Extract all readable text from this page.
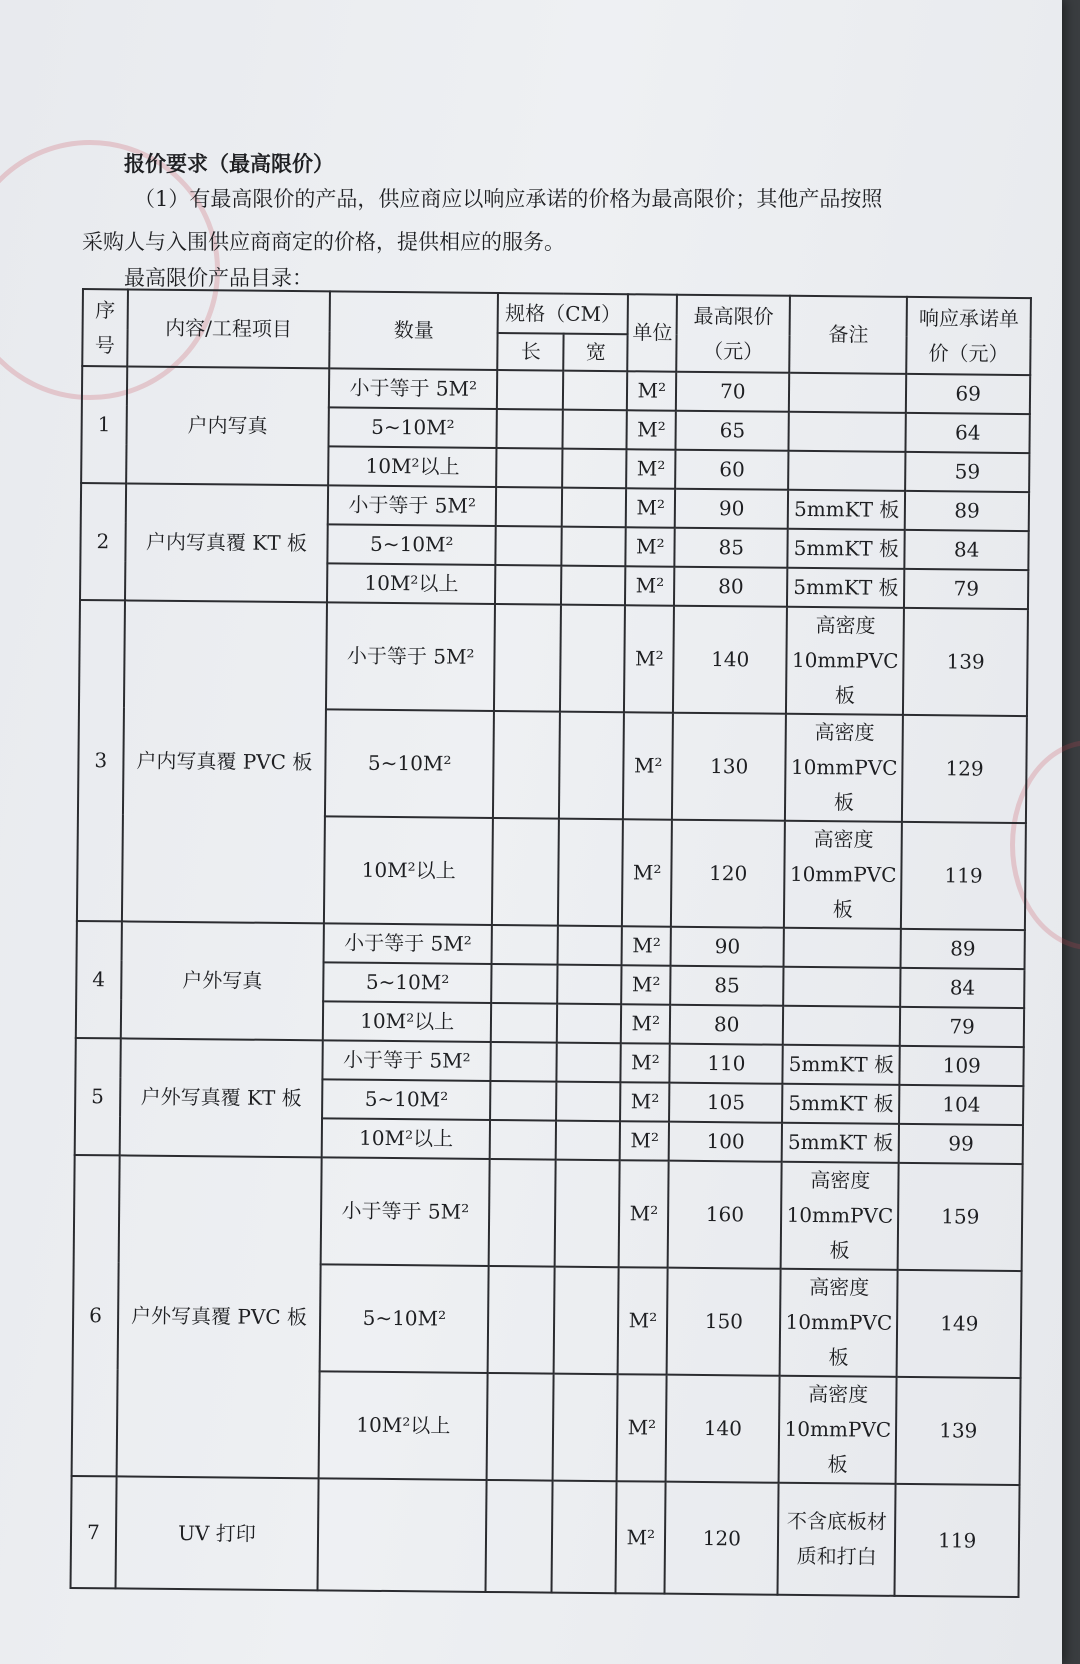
报价要求（最高限价）
（1）有最高限价的产品，供应商应以响应承诺的价格为最高限价；其他产品按照采购人与入围供应商商定的价格，提供相应的服务。
最高限价产品目录：
序号	内容/工程项目	数量	规格（CM）		单位	最高限价（元）	备注	响应承诺单价（元）
			长	宽				
1	户内写真	小于等于 5M²			M²	70		69
		5~10M²			M²	65		64
		10M²以上			M²	60		59
2	户内写真覆 KT 板	小于等于 5M²			M²	90	5mmKT 板	89
		5~10M²			M²	85	5mmKT 板	84
		10M²以上			M²	80	5mmKT 板	79
3	户内写真覆 PVC 板	小于等于 5M²			M²	140	高密度 10mmPVC 板	139
		5~10M²			M²	130	高密度 10mmPVC 板	129
		10M²以上			M²	120	高密度 10mmPVC 板	119
4	户外写真	小于等于 5M²			M²	90		89
		5~10M²			M²	85		84
		10M²以上			M²	80		79
5	户外写真覆 KT 板	小于等于 5M²			M²	110	5mmKT 板	109
		5~10M²			M²	105	5mmKT 板	104
		10M²以上			M²	100	5mmKT 板	99
6	户外写真覆 PVC 板	小于等于 5M²			M²	160	高密度 10mmPVC 板	159
		5~10M²			M²	150	高密度 10mmPVC 板	149
		10M²以上			M²	140	高密度 10mmPVC 板	139
7	UV 打印				M²	120	不含底板材质和打白	119
